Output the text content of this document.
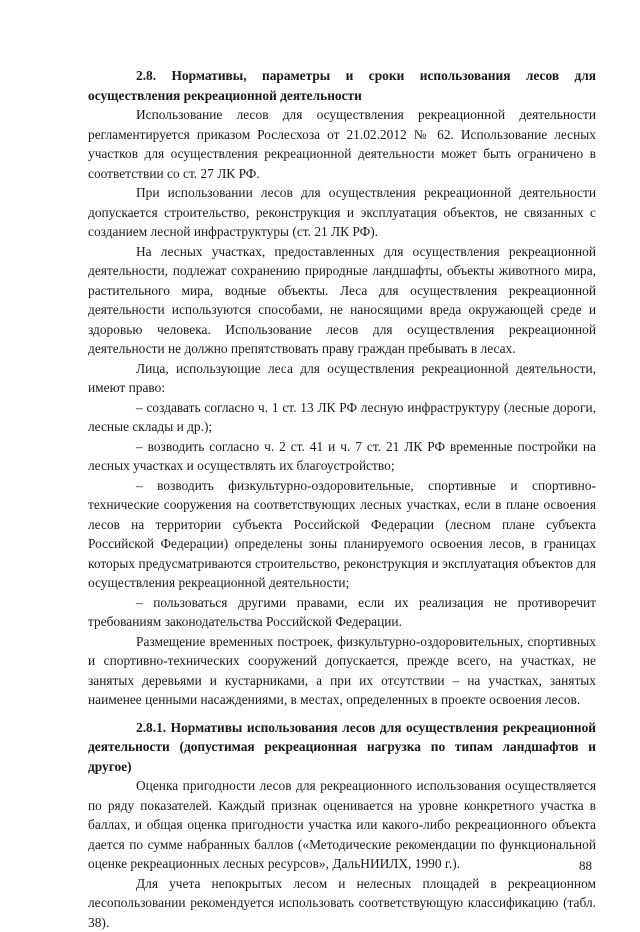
2.8. Нормативы, параметры и сроки использования лесов для осуществления рекреационной деятельности

Использование лесов для осуществления рекреационной деятельности регламентируется приказом Рослесхоза от 21.02.2012 № 62. Использование лесных участков для осуществления рекреационной деятельности может быть ограничено в соответствии со ст. 27 ЛК РФ.

При использовании лесов для осуществления рекреационной деятельности допускается строительство, реконструкция и эксплуатация объектов, не связанных с созданием лесной инфраструктуры (ст. 21 ЛК РФ).

На лесных участках, предоставленных для осуществления рекреационной деятельности, подлежат сохранению природные ландшафты, объекты животного мира, растительного мира, водные объекты. Леса для осуществления рекреационной деятельности используются способами, не наносящими вреда окружающей среде и здоровью человека. Использование лесов для осуществления рекреационной деятельности не должно препятствовать праву граждан пребывать в лесах.

Лица, использующие леса для осуществления рекреационной деятельности, имеют право:

– создавать согласно ч. 1 ст. 13 ЛК РФ лесную инфраструктуру (лесные дороги, лесные склады и др.);

– возводить согласно ч. 2 ст. 41 и ч. 7 ст. 21 ЛК РФ временные постройки на лесных участках и осуществлять их благоустройство;

– возводить физкультурно-оздоровительные, спортивные и спортивно-технические сооружения на соответствующих лесных участках, если в плане освоения лесов на территории субъекта Российской Федерации (лесном плане субъекта Российской Федерации) определены зоны планируемого освоения лесов, в границах которых предусматриваются строительство, реконструкция и эксплуатация объектов для осуществления рекреационной деятельности;

– пользоваться другими правами, если их реализация не противоречит требованиям законодательства Российской Федерации.

Размещение временных построек, физкультурно-оздоровительных, спортивных и спортивно-технических сооружений допускается, прежде всего, на участках, не занятых деревьями и кустарниками, а при их отсутствии – на участках, занятых наименее ценными насаждениями, в местах, определенных в проекте освоения лесов.

2.8.1. Нормативы использования лесов для осуществления рекреационной деятельности (допустимая рекреационная нагрузка по типам ландшафтов и другое)

Оценка пригодности лесов для рекреационного использования осуществляется по ряду показателей. Каждый признак оценивается на уровне конкретного участка в баллах, и общая оценка пригодности участка или какого-либо рекреационного объекта дается по сумме набранных баллов («Методические рекомендации по функциональной оценке рекреационных лесных ресурсов», ДальНИИЛХ, 1990 г.).

Для учета непокрытых лесом и нелесных площадей в рекреационном лесопользовании рекомендуется использовать соответствующую классификацию (табл. 38).

88
